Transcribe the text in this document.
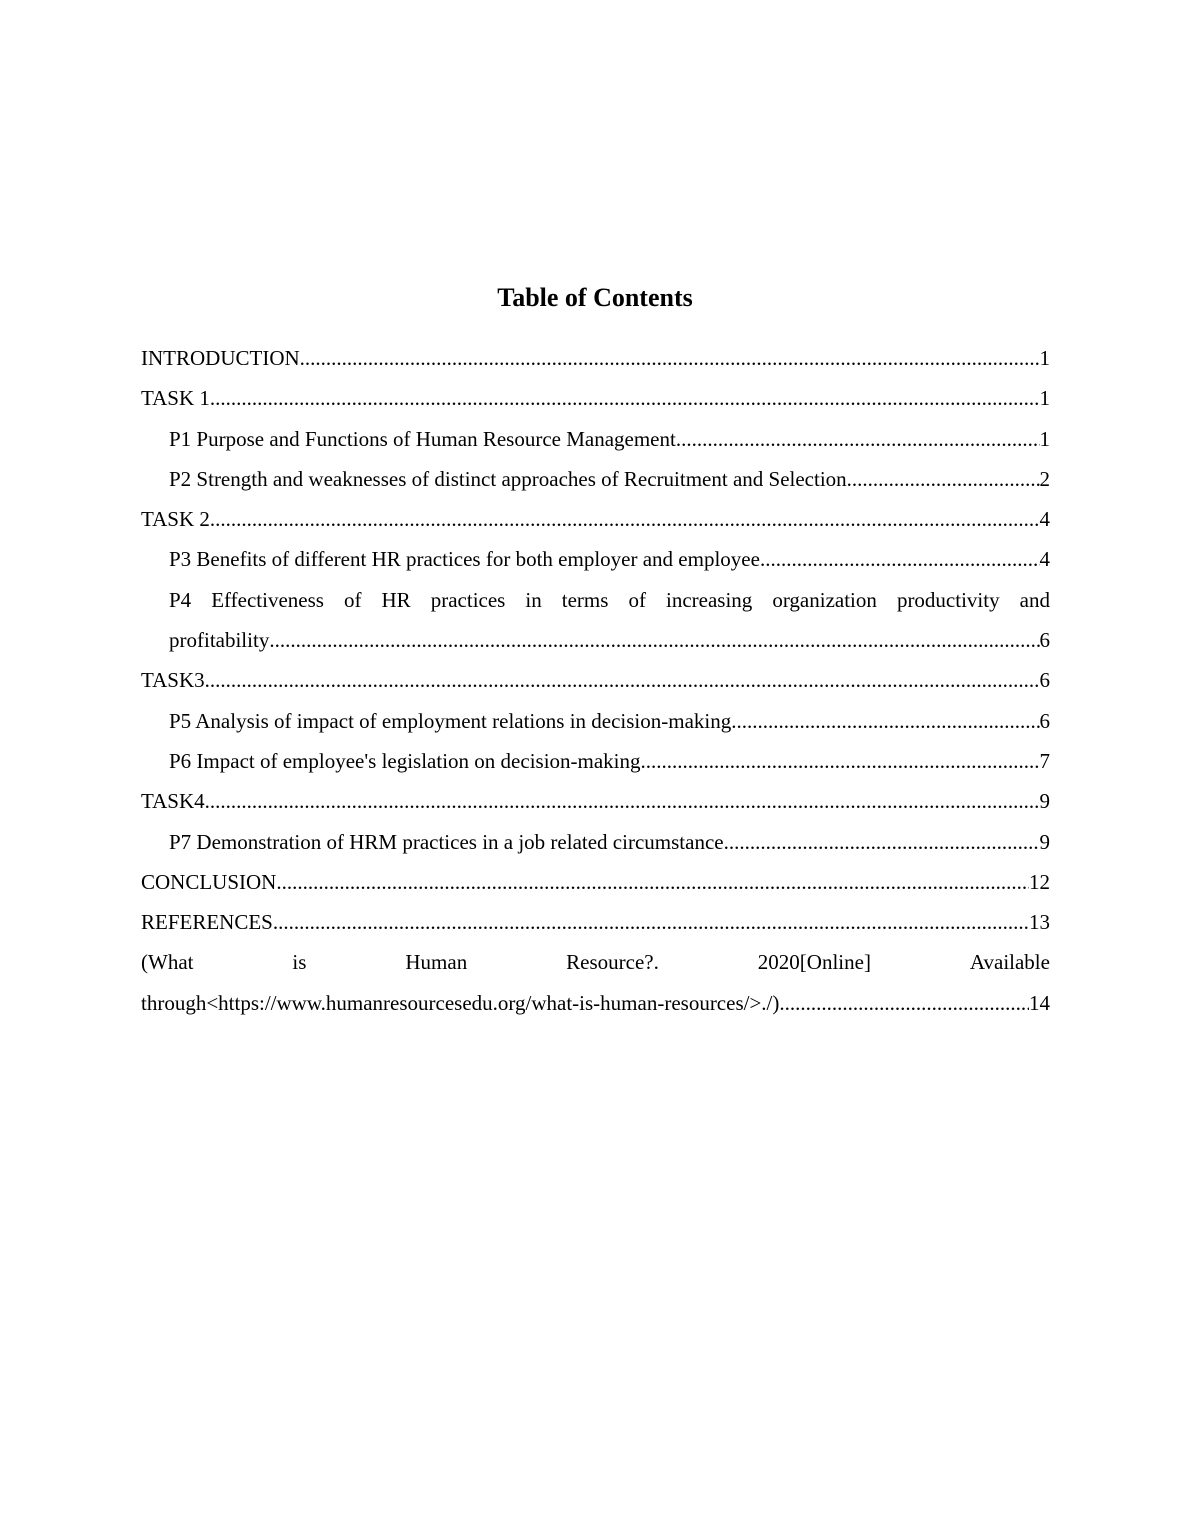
Table of Contents
INTRODUCTION .....	1
TASK 1 .....	1
P1 Purpose and Functions of Human Resource Management. .....	1
P2 Strength and weaknesses of distinct approaches of Recruitment and Selection. .....	2
TASK 2 .....	4
P3 Benefits of different HR practices for both employer and employee .....	4
P4 Effectiveness of HR practices in terms of increasing organization productivity and
profitability .....	6
TASK3 .....	6
P5 Analysis of impact of employment relations in decision-making .....	6
P6 Impact of employee's legislation on decision-making .....	7
TASK4 .....	9
P7 Demonstration of HRM practices in a job related circumstance .....	9
CONCLUSION .....	12
REFERENCES .....	13
(What	is	Human	Resource?.	2020[Online]	Available
through<https://www.humanresourcesedu.org/what-is-human-resources/>./) .....	14
